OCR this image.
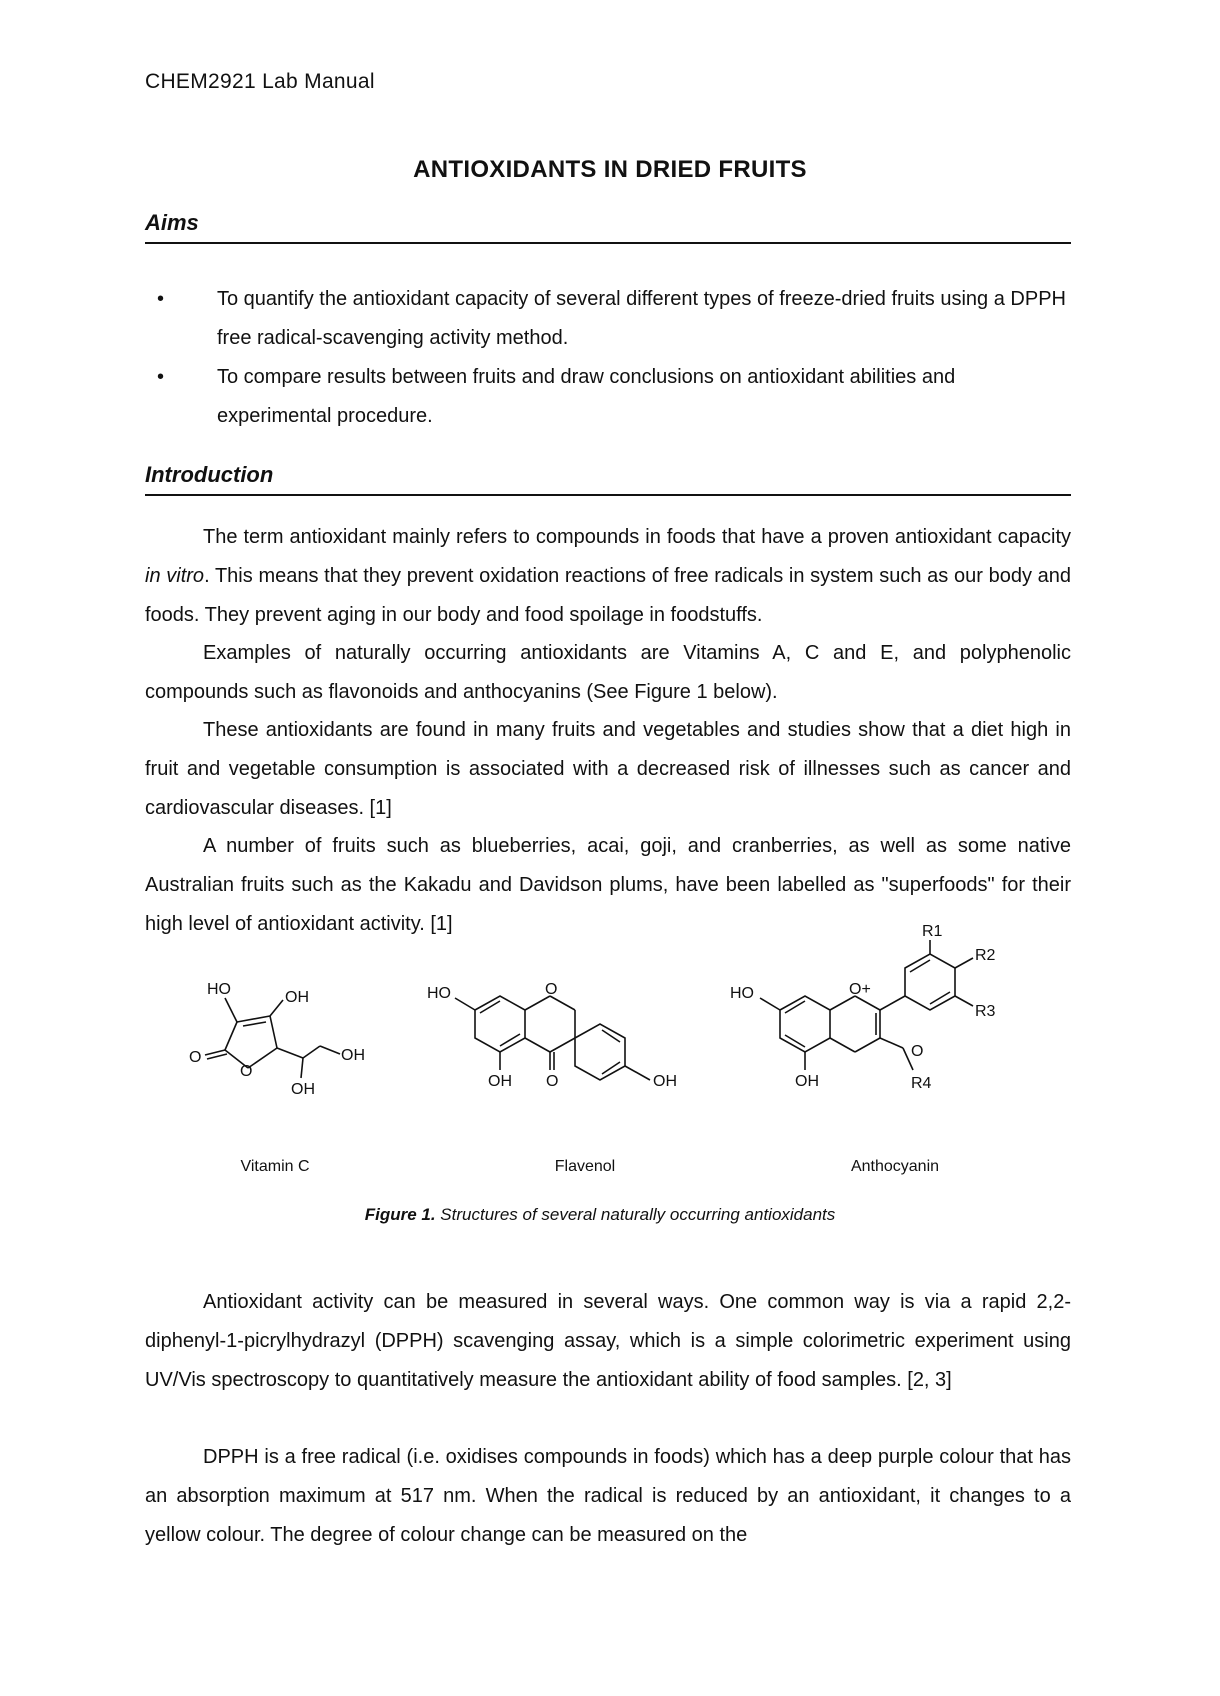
CHEM2921 Lab Manual
ANTIOXIDANTS IN DRIED FRUITS
Aims
•	To quantify the antioxidant capacity of several different types of freeze-dried fruits using a DPPH free radical-scavenging activity method.
•	To compare results between fruits and draw conclusions on antioxidant abilities and experimental procedure.
Introduction

The term antioxidant mainly refers to compounds in foods that have a proven antioxidant capacity in vitro. This means that they prevent oxidation reactions of free radicals in system such as our body and foods. They prevent aging in our body and food spoilage in foodstuffs.

Examples of naturally occurring antioxidants are Vitamins A, C and E, and polyphenolic compounds such as flavonoids and anthocyanins (See Figure 1 below).

These antioxidants are found in many fruits and vegetables and studies show that a diet high in fruit and vegetable consumption is associated with a decreased risk of illnesses such as cancer and cardiovascular diseases. [1]

A number of fruits such as blueberries, acai, goji, and cranberries, as well as some native Australian fruits such as the Kakadu and Davidson plums, have been labelled as "superfoods" for their high level of antioxidant activity. [1]

HO	OH
O
O
OH
OH
HO	O
OH O	OH
R1
R2
R3
HO	O+
OH
O
R4
Vitamin C	Flavenol	Anthocyanin
Figure 1. Structures of several naturally occurring antioxidants

Antioxidant activity can be measured in several ways. One common way is via a rapid 2,2-diphenyl-1-picrylhydrazyl (DPPH) scavenging assay, which is a simple colorimetric experiment using UV/Vis spectroscopy to quantitatively measure the antioxidant ability of food samples. [2, 3]

DPPH is a free radical (i.e. oxidises compounds in foods) which has a deep purple colour that has an absorption maximum at 517 nm. When the radical is reduced by an antioxidant, it changes to a yellow colour. The degree of colour change can be measured on the
